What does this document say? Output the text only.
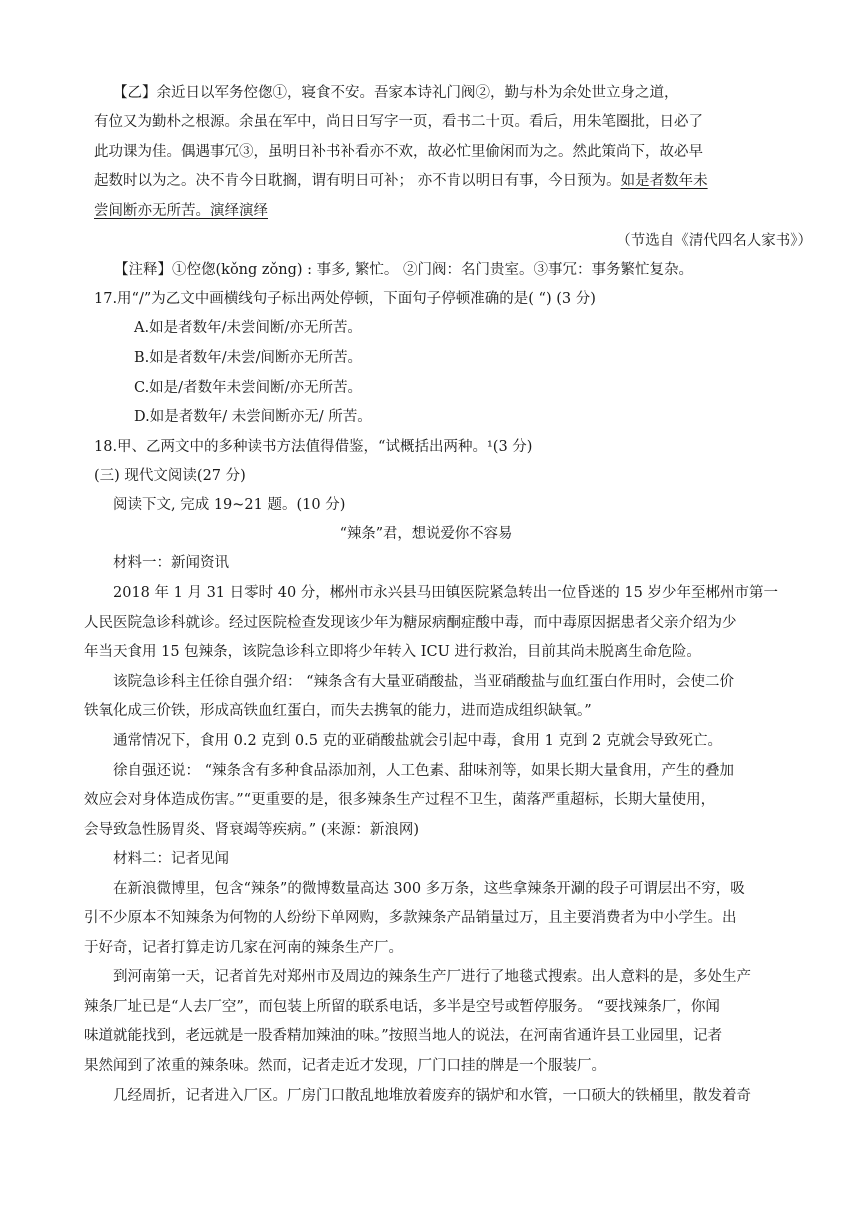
【乙】余近日以军务倥偬①，寝食不安。吾家本诗礼门阀②，勤与朴为余处世立身之道，
有位又为勤朴之根源。余虽在军中，尚日日写字一页，看书二十页。看后，用朱笔圈批，日必了
此功课为佳。偶遇事冗③，虽明日补书补看亦不欢，故必忙里偷闲而为之。然此策尚下，故必早
起数时以为之。决不肯今日耽搁，谓有明日可补； 亦不肯以明日有事，今日预为。如是者数年未
尝间断亦无所苦。演绎演绎
（节选自《清代四名人家书》）
【注释】①倥偬(kǒng zǒng) : 事多, 繁忙。 ②门阀：名门贵室。③事冗：事务繁忙复杂。
17.用“/”为乙文中画横线句子标出两处停顿，下面句子停顿准确的是( “) (3 分)
A.如是者数年/未尝间断/亦无所苦。
B.如是者数年/未尝/间断亦无所苦。
C.如是/者数年未尝间断/亦无所苦。
D.如是者数年/ 未尝间断亦无/ 所苦。
18.甲、乙两文中的多种读书方法值得借鉴，“试概括出两种。¹(3 分)
(三) 现代文阅读(27 分)
阅读下文, 完成 19~21 题。(10 分)
“辣条”君，想说爱你不容易
材料一：新闻资讯
2018 年 1 月 31 日零时 40 分，郴州市永兴县马田镇医院紧急转出一位昏迷的 15 岁少年至郴州市第一
人民医院急诊科就诊。经过医院检查发现该少年为糖尿病酮症酸中毒，而中毒原因据患者父亲介绍为少
年当天食用 15 包辣条，该院急诊科立即将少年转入 ICU 进行救治，目前其尚未脱离生命危险。
该院急诊科主任徐自强介绍： “辣条含有大量亚硝酸盐，当亚硝酸盐与血红蛋白作用时，会使二价
铁氧化成三价铁，形成高铁血红蛋白，而失去携氧的能力，进而造成组织缺氧。”
通常情况下，食用 0.2 克到 0.5 克的亚硝酸盐就会引起中毒，食用 1 克到 2 克就会导致死亡。
徐自强还说： “辣条含有多种食品添加剂，人工色素、甜味剂等，如果长期大量食用，产生的叠加
效应会对身体造成伤害。”“更重要的是，很多辣条生产过程不卫生，菌落严重超标，长期大量使用，
会导致急性肠胃炎、肾衰竭等疾病。” (来源：新浪网)
材料二：记者见闻
在新浪微博里，包含“辣条”的微博数量高达 300 多万条，这些拿辣条开涮的段子可谓层出不穷，吸
引不少原本不知辣条为何物的人纷纷下单网购，多款辣条产品销量过万，且主要消费者为中小学生。出
于好奇，记者打算走访几家在河南的辣条生产厂。
到河南第一天，记者首先对郑州市及周边的辣条生产厂进行了地毯式搜索。出人意料的是，多处生产
辣条厂址已是“人去厂空”，而包装上所留的联系电话，多半是空号或暂停服务。 “要找辣条厂，你闻
味道就能找到，老远就是一股香精加辣油的味。”按照当地人的说法，在河南省通许县工业园里，记者
果然闻到了浓重的辣条味。然而，记者走近才发现，厂门口挂的牌是一个服装厂。
几经周折，记者进入厂区。厂房门口散乱地堆放着废弃的锅炉和水管，一口硕大的铁桶里，散发着奇
